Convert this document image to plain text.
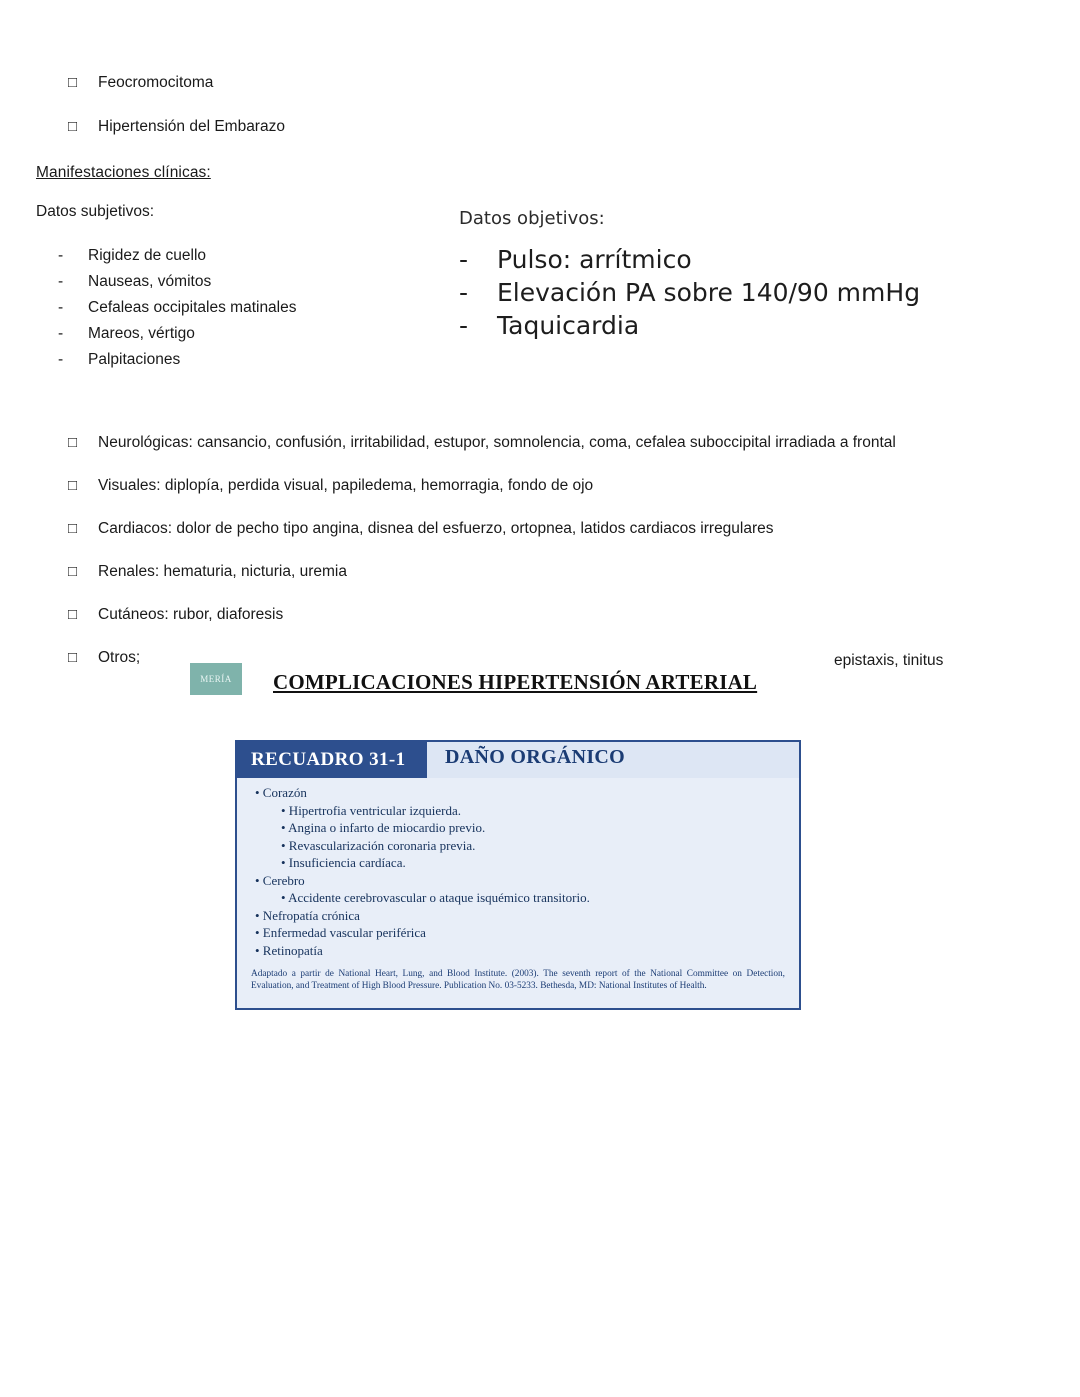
□	Feocromocitoma
□	Hipertensión del Embarazo
Manifestaciones clínicas:
Datos subjetivos:
-	Rigidez de cuello
-	Nauseas, vómitos
-	Cefaleas occipitales matinales
-	Mareos, vértigo
-	Palpitaciones
Datos objetivos:
-	Pulso: arrítmico
-	Elevación PA sobre 140/90 mmHg
-	Taquicardia
□	Neurológicas: cansancio, confusión, irritabilidad, estupor, somnolencia, coma, cefalea suboccipital irradiada a frontal
□	Visuales: diplopía, perdida visual, papiledema, hemorragia, fondo de ojo
□	Cardiacos: dolor de pecho tipo angina, disnea del esfuerzo, ortopnea, latidos cardiacos irregulares
□	Renales: hematuria, nicturia, uremia
□	Cutáneos: rubor, diaforesis
□	Otros;	epistaxis, tinitus
MERÍA	COMPLICACIONES HIPERTENSIÓN ARTERIAL
RECUADRO 31-1	DAÑO ORGÁNICO
• Corazón
• Hipertrofia ventricular izquierda.
• Angina o infarto de miocardio previo.
• Revascularización coronaria previa.
• Insuficiencia cardíaca.
• Cerebro
• Accidente cerebrovascular o ataque isquémico transitorio.
• Nefropatía crónica
• Enfermedad vascular periférica
• Retinopatía
Adaptado a partir de National Heart, Lung, and Blood Institute. (2003). The seventh report of the National Committee on Detection, Evaluation, and Treatment of High Blood Pressure. Publication No. 03-5233. Bethesda, MD: National Institutes of Health.
